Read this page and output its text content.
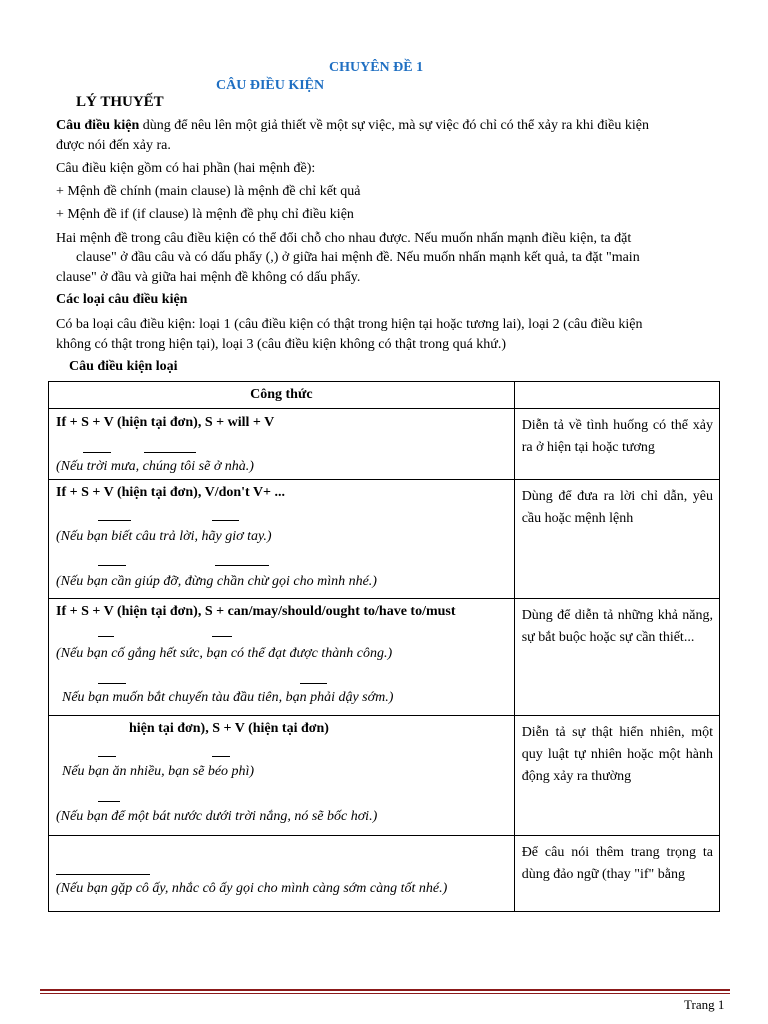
CHUYÊN ĐỀ 1
CÂU ĐIỀU KIỆN
LÝ THUYẾT
Câu điều kiện dùng để nêu lên một giả thiết về một sự việc, mà sự việc đó chỉ có thể xảy ra khi điều kiện
được nói đến xảy ra.
Câu điều kiện gồm có hai phần (hai mệnh đề):
+ Mệnh đề chính (main clause) là mệnh đề chỉ kết quả
+ Mệnh đề if (if clause) là mệnh đề phụ chỉ điều kiện
Hai mệnh đề trong câu điều kiện có thể đổi chỗ cho nhau được. Nếu muốn nhấn mạnh điều kiện, ta đặt
clause" ở đầu câu và có dấu phẩy (,) ở giữa hai mệnh đề. Nếu muốn nhấn mạnh kết quả, ta đặt "main
clause" ở đầu và giữa hai mệnh đề không có dấu phẩy.
Các loại câu điều kiện
Có ba loại câu điều kiện: loại 1 (câu điều kiện có thật trong hiện tại hoặc tương lai), loại 2 (câu điều kiện
không có thật trong hiện tại), loại 3 (câu điều kiện không có thật trong quá khứ.)
Câu điều kiện loại
Công thức	

If + S + V (hiện tại đơn), S + will + V
(Nếu trời mưa, chúng tôi sẽ ở nhà.)	Diễn tả về tình huống có thể xảy ra ở hiện tại hoặc tương

If + S + V (hiện tại đơn), V/don't V+ ...
(Nếu bạn biết câu trả lời, hãy giơ tay.)
(Nếu bạn cần giúp đỡ, đừng chần chừ gọi cho mình nhé.)	Dùng để đưa ra lời chỉ dẫn, yêu cầu hoặc mệnh lệnh

If + S + V (hiện tại đơn), S + can/may/should/ought to/have to/must
(Nếu bạn cố gắng hết sức, bạn có thể đạt được thành công.)
Nếu bạn muốn bắt chuyến tàu đầu tiên, bạn phải dậy sớm.)	Dùng để diễn tả những khả năng, sự bắt buộc hoặc sự cần thiết...

hiện tại đơn), S + V (hiện tại đơn)
Nếu bạn ăn nhiều, bạn sẽ béo phì)
(Nếu bạn để một bát nước dưới trời nắng, nó sẽ bốc hơi.)	Diễn tả sự thật hiển nhiên, một quy luật tự nhiên hoặc một hành động xảy ra thường

(Nếu bạn gặp cô ấy, nhắc cô ấy gọi cho mình càng sớm càng tốt nhé.)	Để câu nói thêm trang trọng ta dùng đảo ngữ (thay "if" bằng
Trang 1
